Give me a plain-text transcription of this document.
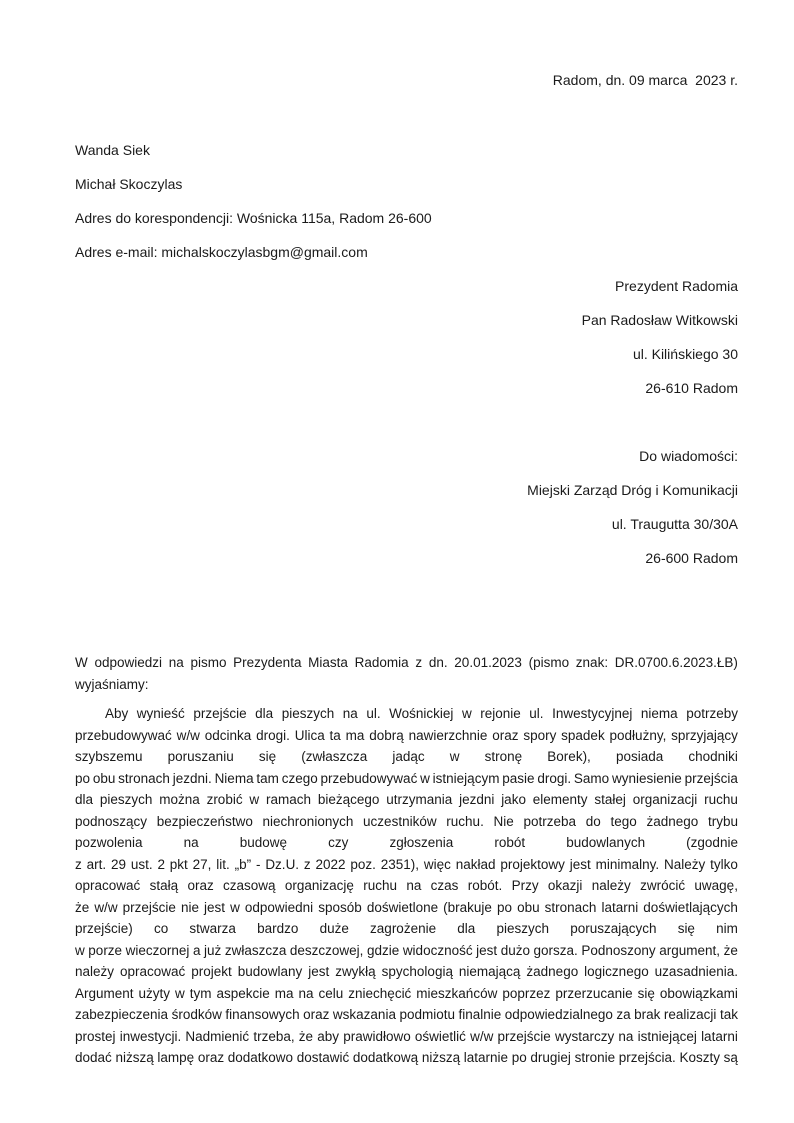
Radom, dn. 09 marca  2023 r.
Wanda Siek
Michał Skoczylas
Adres do korespondencji: Wośnicka 115a, Radom 26-600
Adres e-mail: michalskoczylasbgm@gmail.com
Prezydent Radomia
Pan Radosław Witkowski
ul. Kilińskiego 30
26-610 Radom
Do wiadomości:
Miejski Zarząd Dróg i Komunikacji
ul. Traugutta 30/30A
26-600 Radom
W odpowiedzi na pismo Prezydenta Miasta Radomia z dn. 20.01.2023 (pismo znak: DR.0700.6.2023.ŁB)
wyjaśniamy:
Aby wynieść przejście dla pieszych na ul. Wośnickiej w rejonie ul. Inwestycyjnej niema potrzeby
przebudowywać w/w odcinka drogi. Ulica ta ma dobrą nawierzchnie oraz spory spadek podłużny, sprzyjający
szybszemu poruszaniu się (zwłaszcza jadąc w stronę Borek), posiada chodniki
po obu stronach jezdni. Niema tam czego przebudowywać w istniejącym pasie drogi. Samo wyniesienie przejścia
dla pieszych można zrobić w ramach bieżącego utrzymania jezdni jako elementy stałej organizacji ruchu
podnoszący bezpieczeństwo niechronionych uczestników ruchu. Nie potrzeba do tego żadnego trybu
pozwolenia	na	budowę	czy	zgłoszenia	robót	budowlanych	(zgodnie
z art. 29 ust. 2 pkt 27, lit. „b” - Dz.U. z 2022 poz. 2351), więc nakład projektowy jest minimalny. Należy tylko
opracować stałą oraz czasową organizację ruchu na czas robót. Przy okazji należy zwrócić uwagę,
że w/w przejście nie jest w odpowiedni sposób doświetlone (brakuje po obu stronach latarni doświetlających
przejście) co stwarza bardzo duże zagrożenie dla pieszych poruszających się nim
w porze wieczornej a już zwłaszcza deszczowej, gdzie widoczność jest dużo gorsza. Podnoszony argument, że
należy opracować projekt budowlany jest zwykłą spychologią niemającą żadnego logicznego uzasadnienia.
Argument użyty w tym aspekcie ma na celu zniechęcić mieszkańców poprzez przerzucanie się obowiązkami
zabezpieczenia środków finansowych oraz wskazania podmiotu finalnie odpowiedzialnego za brak realizacji tak
prostej inwestycji. Nadmienić trzeba, że aby prawidłowo oświetlić w/w przejście wystarczy na istniejącej latarni
dodać niższą lampę oraz dodatkowo dostawić dodatkową niższą latarnie po drugiej stronie przejścia. Koszty są
